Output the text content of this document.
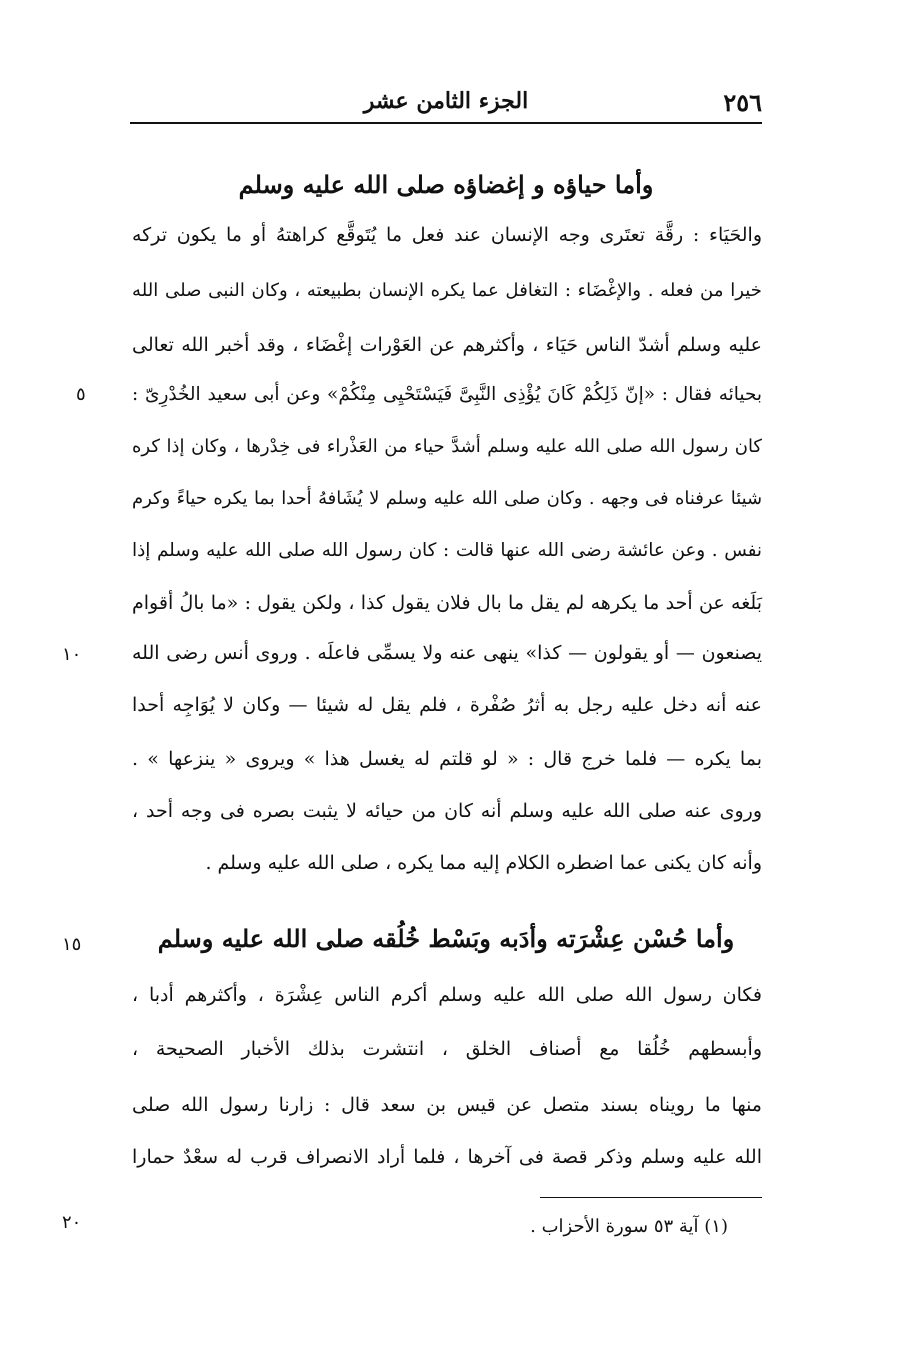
٢٥٦
الجزء الثامن عشر
وأما حياؤه و إغضاؤه صلى الله عليه وسلم
والحَيَاء : رقَّة تعتَرى وجه الإنسان عند فعل ما يُتَوقَّع كراهتهُ أو ما يكون تركه
خيرا من فعله . والإغْضَاء : التغافل عما يكره الإنسان بطبيعته ، وكان النبى صلى الله
عليه وسلم أشدّ الناس حَيَاء ، وأكثرهم عن العَوْرات إغْضَاء ، وقد أخبر الله تعالى
بحيائه فقال : «إنّ ذَلِكُمْ كَانَ يُؤْذِى النَّبِىَّ فَيَسْتَحْيِى مِنْكُمْ» وعن أبى سعيد الخُدْرِىّ :
كان رسول الله صلى الله عليه وسلم أشدَّ حياء من العَذْراء فى خِدْرها ، وكان إذا كره
شيئا عرفناه فى وجهه . وكان صلى الله عليه وسلم لا يُشَافهُ أحدا بما يكره حياءً وكرم
نفس . وعن عائشة رضى الله عنها قالت : كان رسول الله صلى الله عليه وسلم إذا
بَلَغه عن أحد ما يكرهه لم يقل ما بال فلان يقول كذا ، ولكن يقول : «ما بالُ أقوام
يصنعون — أو يقولون — كذا» ينهى عنه ولا يسمِّى فاعلَه . وروى أنس رضى الله
عنه أنه دخل عليه رجل به أثرُ صُفْرة ، فلم يقل له شيئا — وكان لا يُوَاجِه أحدا
بما يكره — فلما خرج قال : « لو قلتم له يغسل هذا » ويروى « ينزعها » .
وروى عنه صلى الله عليه وسلم أنه كان من حيائه لا يثبت بصره فى وجه أحد ،
وأنه كان يكنى عما اضطره الكلام إليه مما يكره ، صلى الله عليه وسلم .
وأما حُسْن عِشْرَته وأدَبه وبَسْط خُلُقه صلى الله عليه وسلم
فكان رسول الله صلى الله عليه وسلم أكرم الناس عِشْرَة ، وأكثرهم أدبا ،
وأبسطهم خُلُقا مع أصناف الخلق ، انتشرت بذلك الأخبار الصحيحة ،
منها ما رويناه بسند متصل عن قيس بن سعد قال : زارنا رسول الله صلى
الله عليه وسلم وذكر قصة فى آخرها ، فلما أراد الانصراف قرب له سعْدٌ حمارا
٥
١٠
١٥
٢٠	(١) آية ٥٣ سورة الأحزاب .
